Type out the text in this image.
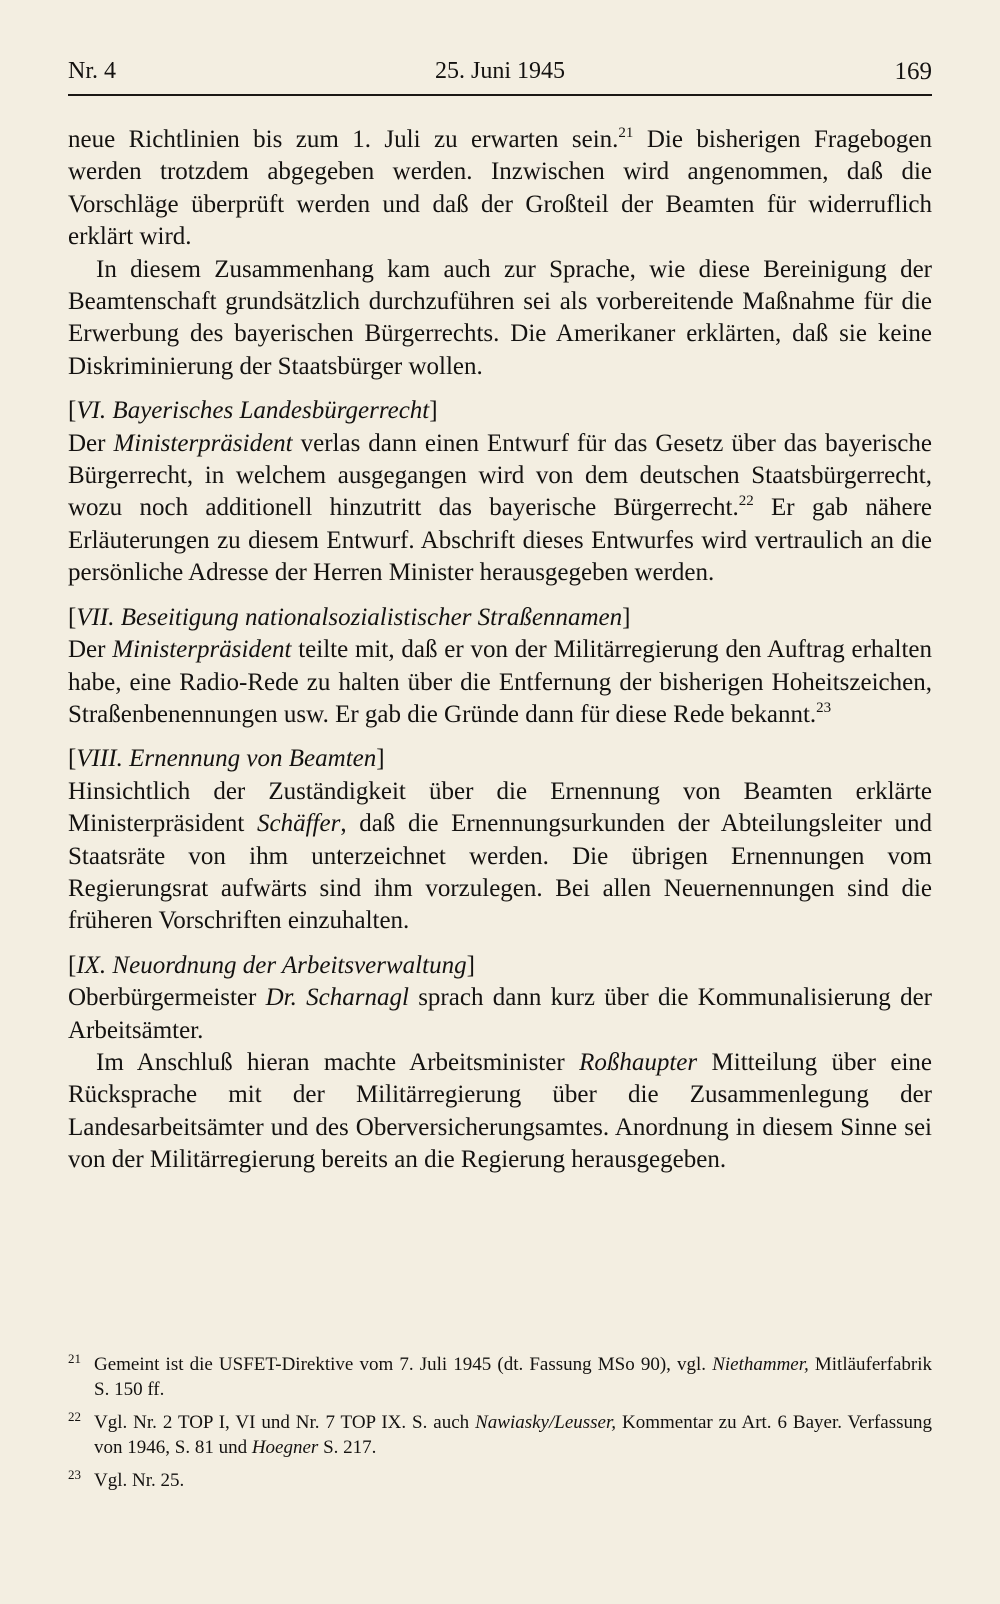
Nr. 4	25. Juni 1945	169

neue Richtlinien bis zum 1. Juli zu erwarten sein.$^{21}$ Die bisherigen Fragebogen werden trotzdem abgegeben werden. Inzwischen wird angenommen, daß die Vorschläge überprüft werden und daß der Großteil der Beamten für widerruflich erklärt wird.

In diesem Zusammenhang kam auch zur Sprache, wie diese Bereinigung der Beamtenschaft grundsätzlich durchzuführen sei als vorbereitende Maßnahme für die Erwerbung des bayerischen Bürgerrechts. Die Amerikaner erklärten, daß sie keine Diskriminierung der Staatsbürger wollen.

[VI. Bayerisches Landesbürgerrecht]

Der Ministerpräsident verlas dann einen Entwurf für das Gesetz über das bayerische Bürgerrecht, in welchem ausgegangen wird von dem deutschen Staatsbürgerrecht, wozu noch additionell hinzutritt das bayerische Bürgerrecht.$^{22}$ Er gab nähere Erläuterungen zu diesem Entwurf. Abschrift dieses Entwurfes wird vertraulich an die persönliche Adresse der Herren Minister herausgegeben werden.

[VII. Beseitigung nationalsozialistischer Straßennamen]

Der Ministerpräsident teilte mit, daß er von der Militärregierung den Auftrag erhalten habe, eine Radio-Rede zu halten über die Entfernung der bisherigen Hoheitszeichen, Straßenbenennungen usw. Er gab die Gründe dann für diese Rede bekannt.$^{23}$

[VIII. Ernennung von Beamten]

Hinsichtlich der Zuständigkeit über die Ernennung von Beamten erklärte Ministerpräsident Schäffer, daß die Ernennungsurkunden der Abteilungsleiter und Staatsräte von ihm unterzeichnet werden. Die übrigen Ernennungen vom Regierungsrat aufwärts sind ihm vorzulegen. Bei allen Neuernennungen sind die früheren Vorschriften einzuhalten.

[IX. Neuordnung der Arbeitsverwaltung]

Oberbürgermeister Dr. Scharnagl sprach dann kurz über die Kommunalisierung der Arbeitsämter.

Im Anschluß hieran machte Arbeitsminister Roßhaupter Mitteilung über eine Rücksprache mit der Militärregierung über die Zusammenlegung der Landesarbeitsämter und des Oberversicherungsamtes. Anordnung in diesem Sinne sei von der Militärregierung bereits an die Regierung herausgegeben.

21 Gemeint ist die USFET-Direktive vom 7. Juli 1945 (dt. Fassung MSo 90), vgl. Niethammer, Mitläuferfabrik S. 150 ff.
22 Vgl. Nr. 2 TOP I, VI und Nr. 7 TOP IX. S. auch Nawiasky/Leusser, Kommentar zu Art. 6 Bayer. Verfassung von 1946, S. 81 und Hoegner S. 217.
23 Vgl. Nr. 25.
